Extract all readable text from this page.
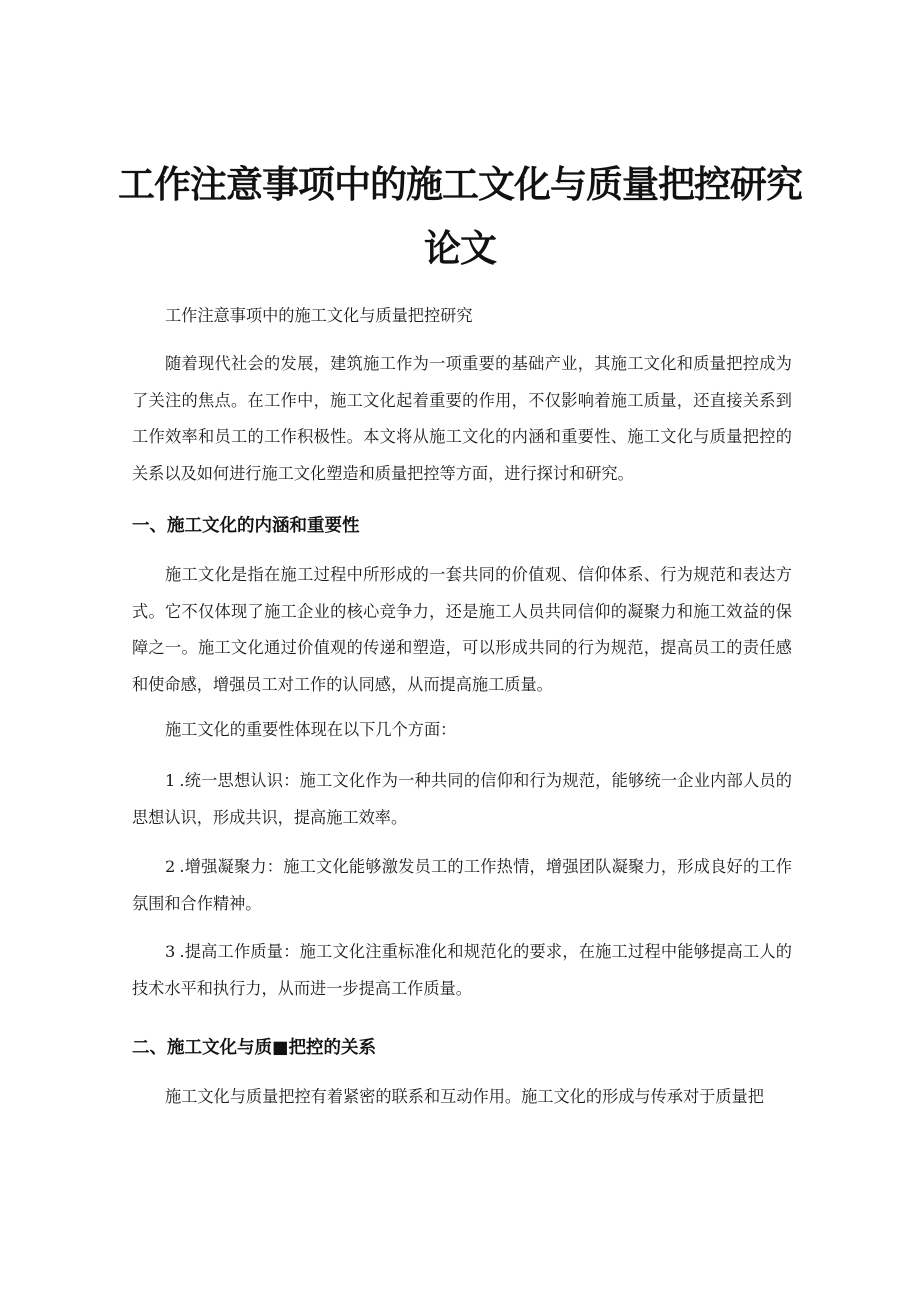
工作注意事项中的施工文化与质量把控研究
论文

工作注意事项中的施工文化与质量把控研究

随着现代社会的发展，建筑施工作为一项重要的基础产业，其施工文化和质量把控成为了关注的焦点。在工作中，施工文化起着重要的作用，不仅影响着施工质量，还直接关系到工作效率和员工的工作积极性。本文将从施工文化的内涵和重要性、施工文化与质量把控的关系以及如何进行施工文化塑造和质量把控等方面，进行探讨和研究。

一、施工文化的内涵和重要性

施工文化是指在施工过程中所形成的一套共同的价值观、信仰体系、行为规范和表达方式。它不仅体现了施工企业的核心竞争力，还是施工人员共同信仰的凝聚力和施工效益的保障之一。施工文化通过价值观的传递和塑造，可以形成共同的行为规范，提高员工的责任感和使命感，增强员工对工作的认同感，从而提高施工质量。

施工文化的重要性体现在以下几个方面：

1 .统一思想认识：施工文化作为一种共同的信仰和行为规范，能够统一企业内部人员的思想认识，形成共识，提高施工效率。

2 .增强凝聚力：施工文化能够激发员工的工作热情，增强团队凝聚力，形成良好的工作氛围和合作精神。

3 .提高工作质量：施工文化注重标准化和规范化的要求，在施工过程中能够提高工人的技术水平和执行力，从而进一步提高工作质量。

二、施工文化与质■把控的关系

施工文化与质量把控有着紧密的联系和互动作用。施工文化的形成与传承对于质量把
